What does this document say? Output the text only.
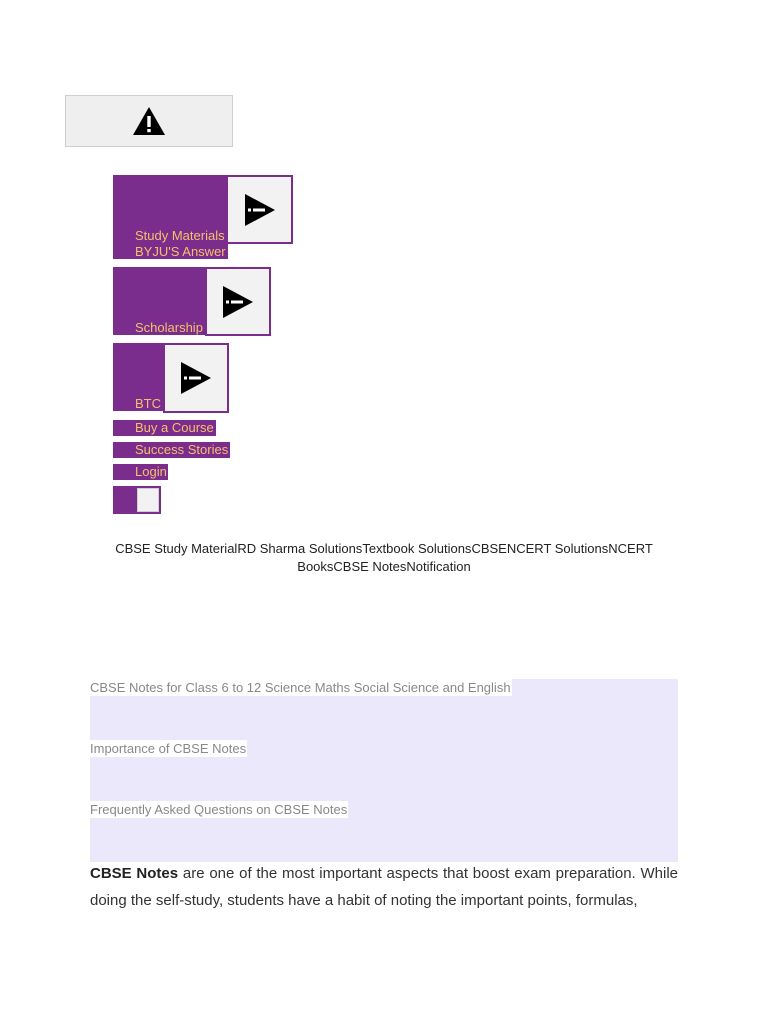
Study Materials
BYJU'S Answer
Scholarship
BTC
Buy a Course
Success Stories
Login
CBSE Study MaterialRD Sharma SolutionsTextbook SolutionsCBSENCERT SolutionsNCERT BooksCBSE NotesNotification
CBSE Notes for Class 6 to 12 Science Maths Social Science and English
Importance of CBSE Notes
Frequently Asked Questions on CBSE Notes
CBSE Notes are one of the most important aspects that boost exam preparation. While doing the self-study, students have a habit of noting the important points, formulas,
